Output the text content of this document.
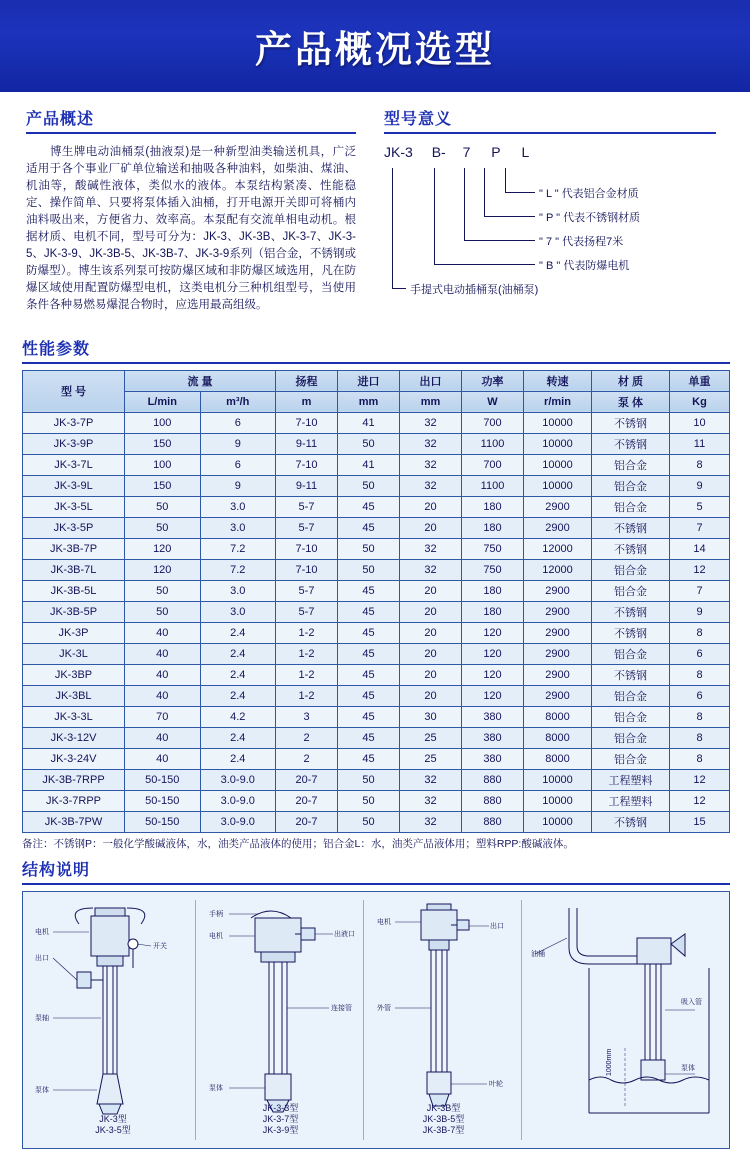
产品概况选型
产品概述

博生牌电动油桶泵(抽液泵)是一种新型油类输送机具，广泛适用于各个事业厂矿单位输送和抽吸各种油料，如柴油、煤油、机油等，酸碱性液体，类似水的液体。本泵结构紧凑、性能稳定、操作简单、只要将泵体插入油桶，打开电源开关即可将桶内油料吸出来，方便省力、效率高。本泵配有交流单相电动机。根据材质、电机不同，型号可分为：JK-3、JK-3B、JK-3-7、JK-3-5、JK-3-9、JK-3B-5、JK-3B-7、JK-3-9系列（铝合金，不锈钢或防爆型）。博生该系列泵可按防爆区域和非防爆区域选用，凡在防爆区域使用配置防爆型电机，这类电机分三种机组型号，当使用条件各种易燃易爆混合物时，应选用最高组级。

型号意义
JK-3 B- 7 P L
" L " 代表铝合金材质
" P " 代表不锈钢材质
" 7 " 代表扬程7米
" B " 代表防爆电机
手提式电动插桶泵(油桶泵)
性能参数
型 号	流 量		扬程	进口	出口	功率	转速	材 质	单重
	L/min	m³/h	m	mm	mm	W	r/min	泵 体	Kg
JK-3-7P	100	6	7-10	41	32	700	10000	不锈钢	10
JK-3-9P	150	9	9-11	50	32	1100	10000	不锈钢	11
JK-3-7L	100	6	7-10	41	32	700	10000	铝合金	8
JK-3-9L	150	9	9-11	50	32	1100	10000	铝合金	9
JK-3-5L	50	3.0	5-7	45	20	180	2900	铝合金	5
JK-3-5P	50	3.0	5-7	45	20	180	2900	不锈钢	7
JK-3B-7P	120	7.2	7-10	50	32	750	12000	不锈钢	14
JK-3B-7L	120	7.2	7-10	50	32	750	12000	铝合金	12
JK-3B-5L	50	3.0	5-7	45	20	180	2900	铝合金	7
JK-3B-5P	50	3.0	5-7	45	20	180	2900	不锈钢	9
JK-3P	40	2.4	1-2	45	20	120	2900	不锈钢	8
JK-3L	40	2.4	1-2	45	20	120	2900	铝合金	6
JK-3BP	40	2.4	1-2	45	20	120	2900	不锈钢	8
JK-3BL	40	2.4	1-2	45	20	120	2900	铝合金	6
JK-3-3L	70	4.2	3	45	30	380	8000	铝合金	8
JK-3-12V	40	2.4	2	45	25	380	8000	铝合金	8
JK-3-24V	40	2.4	2	45	25	380	8000	铝合金	8
JK-3B-7RPP	50-150	3.0-9.0	20-7	50	32	880	10000	工程塑料	12
JK-3-7RPP	50-150	3.0-9.0	20-7	50	32	880	10000	工程塑料	12
JK-3B-7PW	50-150	3.0-9.0	20-7	50	32	880	10000	不锈钢	15
备注：不锈钢P：一般化学酸碱液体，水，油类产品液体的使用；铝合金L：水，油类产品液体用；塑料RPP:酸碱液体。
结构说明
电机
出口
开关
泵轴
泵体
JK-3型
JK-3-5型
手柄
电机	出液口
连接管
泵体
JK-3-3型
JK-3-7型
JK-3-9型
电机
出口
外管
叶轮
JK-3B型
JK-3B-5型
JK-3B-7型
1000mm
油桶
吸入管
泵体
